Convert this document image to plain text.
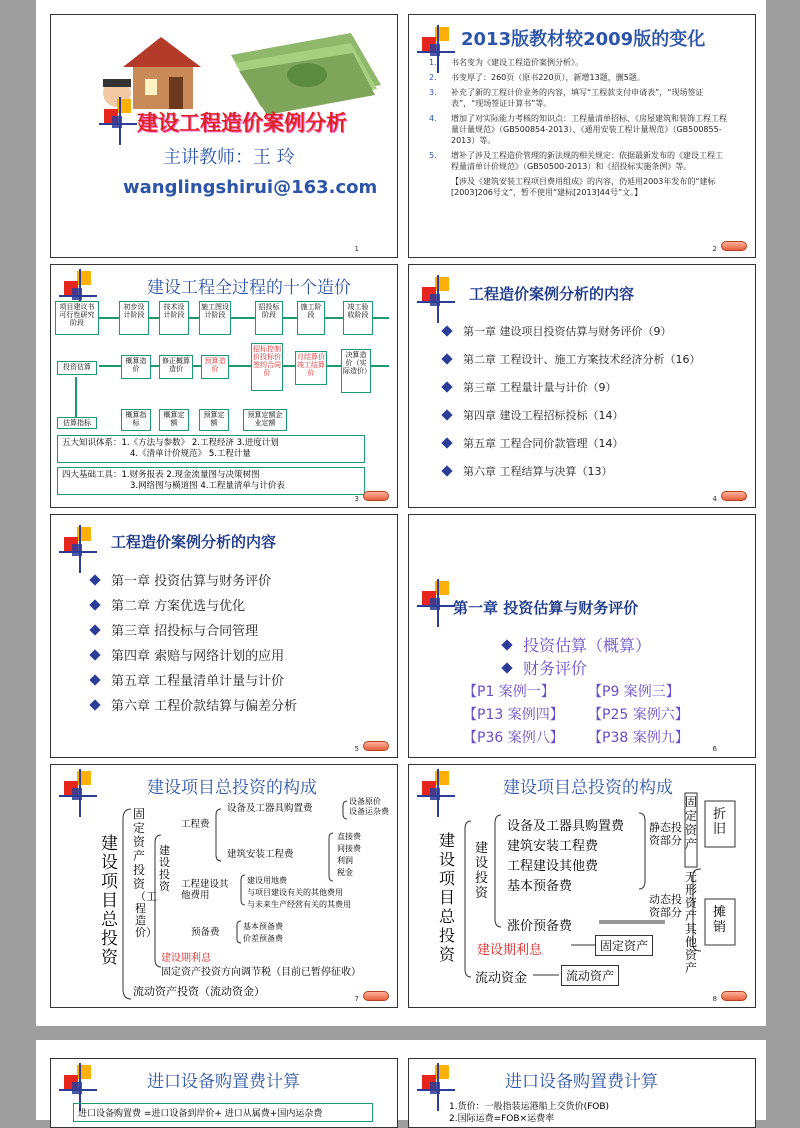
建设工程造价案例分析
主讲教师：王 玲
wanglingshirui@163.com
1
2013版教材较2009版的变化
1.	书名变为《建设工程造价案例分析》。
2.	书变厚了：260页（原书220页），新增13题，删5题。
3.	补充了新的工程计价业务的内容，填写“工程款支付申请表”，“现场签证表”，“现场签证计算书”等。
4.	增加了对实际能力考核的知识点：工程量清单招标、《房屋建筑和装饰工程工程量计量规范》（GB500854-2013）、《通用安装工程计量规范》（GB500855-2013）等。
5.	增补了涉及工程造价管理的新法规的相关规定：依据最新发布的《建设工程工程量清单计价规范》（GB50500-2013）和《招投标实施条例》等。
【涉及《建筑安装工程项目费用组成》的内容，仍延用2003年发布的“建标[2003]206号文”，暂不使用“建标[2013]44号”文。】
2
建设工程全过程的十个造价
项目建议书可行性研究阶段
初步设计阶段
技术设计阶段
施工图设计阶段
招投标阶段
施工阶段
竣工验收阶段
投资估算
概算造价
修正概算造价
预算造价
招标控制价投标价签约合同价
月结算价竣工结算价
决算造价（实际造价）
估算指标
概算指标
概算定额
预算定额
预算定额企业定额
五大知识体系：1.《方法与参数》 2.工程经济 3.进度计划
4.《清单计价规范》 5.工程计量
四大基础工具：1.财务报表 2.现金流量图与决策树图
3.网络图与横道图 4.工程量清单与计价表
3
工程造价案例分析的内容
第一章 建设项目投资估算与财务评价（9）
第二章 工程设计、施工方案技术经济分析（16）
第三章 工程量计量与计价（9）
第四章 建设工程招标投标（14）
第五章 工程合同价款管理（14）
第六章 工程结算与决算（13）
4
工程造价案例分析的内容
第一章 投资估算与财务评价
第二章 方案优选与优化
第三章 招投标与合同管理
第四章 索赔与网络计划的应用
第五章 工程量清单计量与计价
第六章 工程价款结算与偏差分析
5
第一章 投资估算与财务评价
投资估算（概算）
财务评价
【P1 案例一】	【P9 案例三】
【P13 案例四】	【P25 案例六】
【P36 案例八】	【P38 案例九】
6
建设项目总投资的构成
建设项目总投资
固定资产投资
（工程造价）
建设投资
工程费
设备及工器具购置费
设备原价
设备运杂费
建筑安装工程费
直接费
间接费
利润
税金
工程建设其他费用
建设用地费
与项目建设有关的其他费用
与未来生产经营有关的其费用
预备费
基本预备费
价差预备费
建设期利息
固定资产投资方向调节税（目前已暂停征收）
流动资产投资（流动资金）
7
建设项目总投资的构成
建设项目总投资
建设投资
设备及工器具购置费
建筑安装工程费
工程建设其他费
基本预备费
涨价预备费
静态投资部分
动态投资部分
固定资产
折旧
无形资产 其他资产
摊销
建设期利息	固定资产
流动资金	流动资产
8
进口设备购置费计算
进口设备购置费 =进口设备到岸价+ 进口从属费+国内运杂费
进口设备购置费计算
1.货价：一般指装运港船上交货价(FOB)
2.国际运费=FOB×运费率
